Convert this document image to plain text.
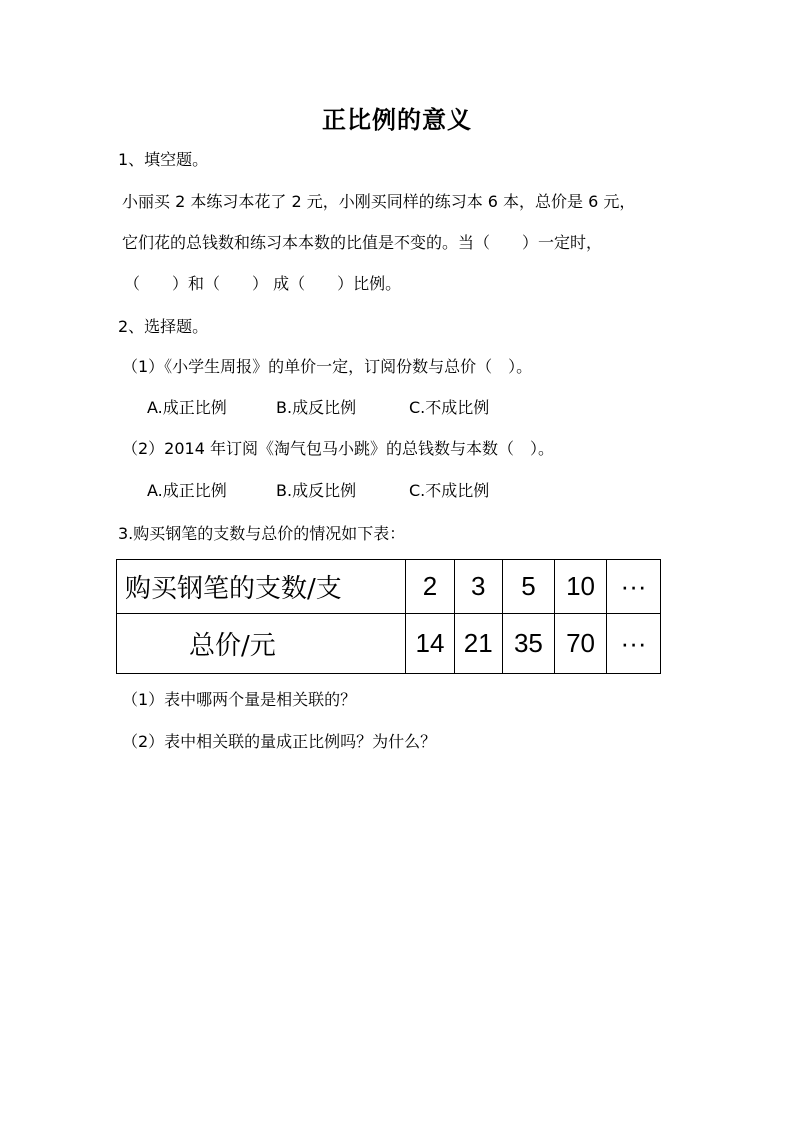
正比例的意义
1、填空题。
小丽买 2 本练习本花了 2 元，小刚买同样的练习本 6 本，总价是 6 元，
它们花的总钱数和练习本本数的比值是不变的。当（　　）一定时，
（　　）和（　　） 成（　　）比例。
2、选择题。
（1）《小学生周报》的单价一定，订阅份数与总价（　）。
A.成正比例	B.成反比例	C.不成比例
（2）2014 年订阅《淘气包马小跳》的总钱数与本数（　）。
A.成正比例	B.成反比例	C.不成比例
3.购买钢笔的支数与总价的情况如下表：
购买钢笔的支数/支	2	3	5	10	···
总价/元	14	21	35	70	···
（1）表中哪两个量是相关联的？
（2）表中相关联的量成正比例吗？为什么？
